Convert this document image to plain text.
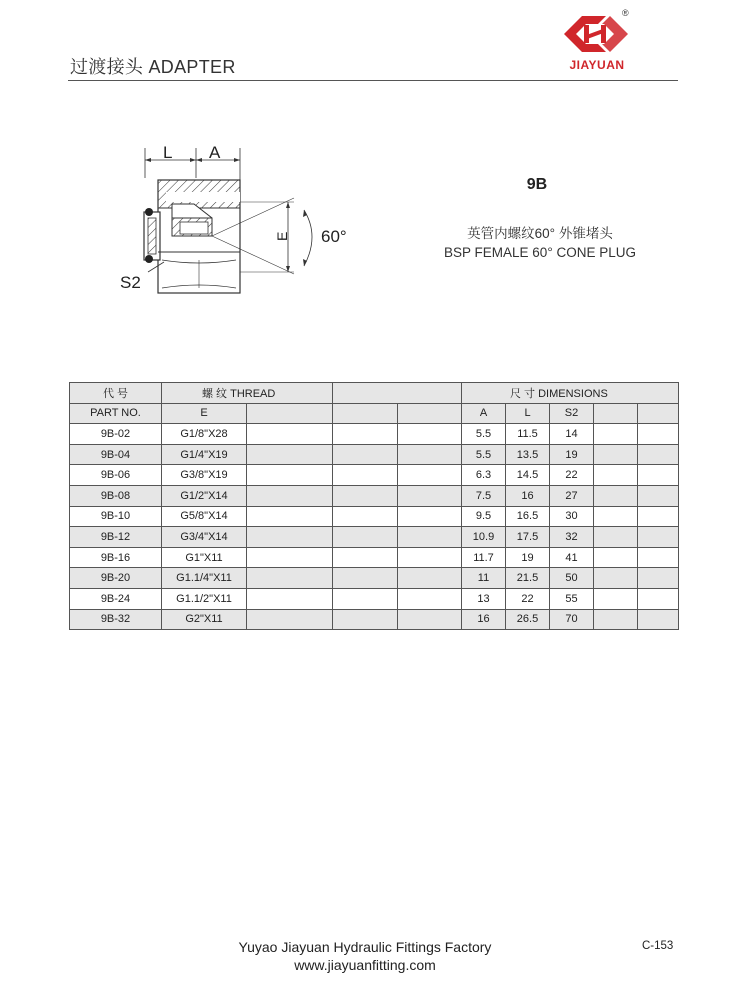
过渡接头 ADAPTER
®
JIAYUAN
L A
E 60°
S2
9B
英管内螺纹60° 外锥堵头
BSP FEMALE 60° CONE PLUG
代 号	螺 纹 THREAD				尺 寸 DIMENSIONS				
PART NO.	E				A	L	S2		
9B-02	G1/8"X28				5.5	11.5	14		
9B-04	G1/4"X19				5.5	13.5	19		
9B-06	G3/8"X19				6.3	14.5	22		
9B-08	G1/2"X14				7.5	16	27		
9B-10	G5/8"X14				9.5	16.5	30		
9B-12	G3/4"X14				10.9	17.5	32		
9B-16	G1"X11				11.7	19	41		
9B-20	G1.1/4"X11				11	21.5	50		
9B-24	G1.1/2"X11				13	22	55		
9B-32	G2"X11				16	26.5	70		
Yuyao Jiayuan Hydraulic Fittings Factory
www.jiayuanfitting.com
C-153
